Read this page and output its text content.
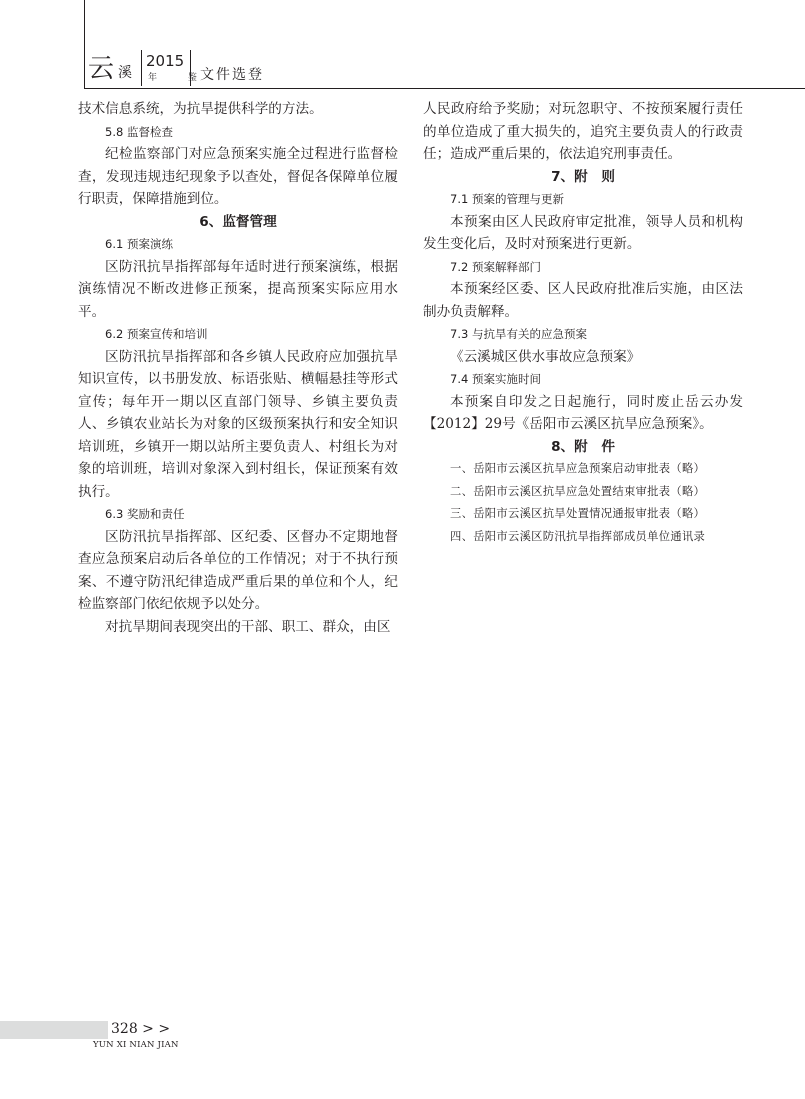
云 溪
2015
年 鉴
文件选登

技术信息系统，为抗旱提供科学的方法。

5.8 监督检查

纪检监察部门对应急预案实施全过程进行监督检查，发现违规违纪现象予以查处，督促各保障单位履行职责，保障措施到位。

6、监督管理

6.1 预案演练

区防汛抗旱指挥部每年适时进行预案演练，根据演练情况不断改进修正预案，提高预案实际应用水平。

6.2 预案宣传和培训

区防汛抗旱指挥部和各乡镇人民政府应加强抗旱知识宣传，以书册发放、标语张贴、横幅悬挂等形式宣传；每年开一期以区直部门领导、乡镇主要负责人、乡镇农业站长为对象的区级预案执行和安全知识培训班，乡镇开一期以站所主要负责人、村组长为对象的培训班，培训对象深入到村组长，保证预案有效执行。

6.3 奖励和责任

区防汛抗旱指挥部、区纪委、区督办不定期地督查应急预案启动后各单位的工作情况；对于不执行预案、不遵守防汛纪律造成严重后果的单位和个人，纪检监察部门依纪依规予以处分。

对抗旱期间表现突出的干部、职工、群众，由区

人民政府给予奖励；对玩忽职守、不按预案履行责任的单位造成了重大损失的，追究主要负责人的行政责任；造成严重后果的，依法追究刑事责任。

7、附　则

7.1 预案的管理与更新

本预案由区人民政府审定批准，领导人员和机构发生变化后，及时对预案进行更新。

7.2 预案解释部门

本预案经区委、区人民政府批准后实施，由区法制办负责解释。

7.3 与抗旱有关的应急预案

《云溪城区供水事故应急预案》

7.4 预案实施时间

本预案自印发之日起施行，同时废止岳云办发【2012】29号《岳阳市云溪区抗旱应急预案》。

8、附　件

一、岳阳市云溪区抗旱应急预案启动审批表（略）

二、岳阳市云溪区抗旱应急处置结束审批表（略）

三、岳阳市云溪区抗旱处置情况通报审批表（略）

四、岳阳市云溪区防汛抗旱指挥部成员单位通讯录

328 > >
YUN XI NIAN JIAN
